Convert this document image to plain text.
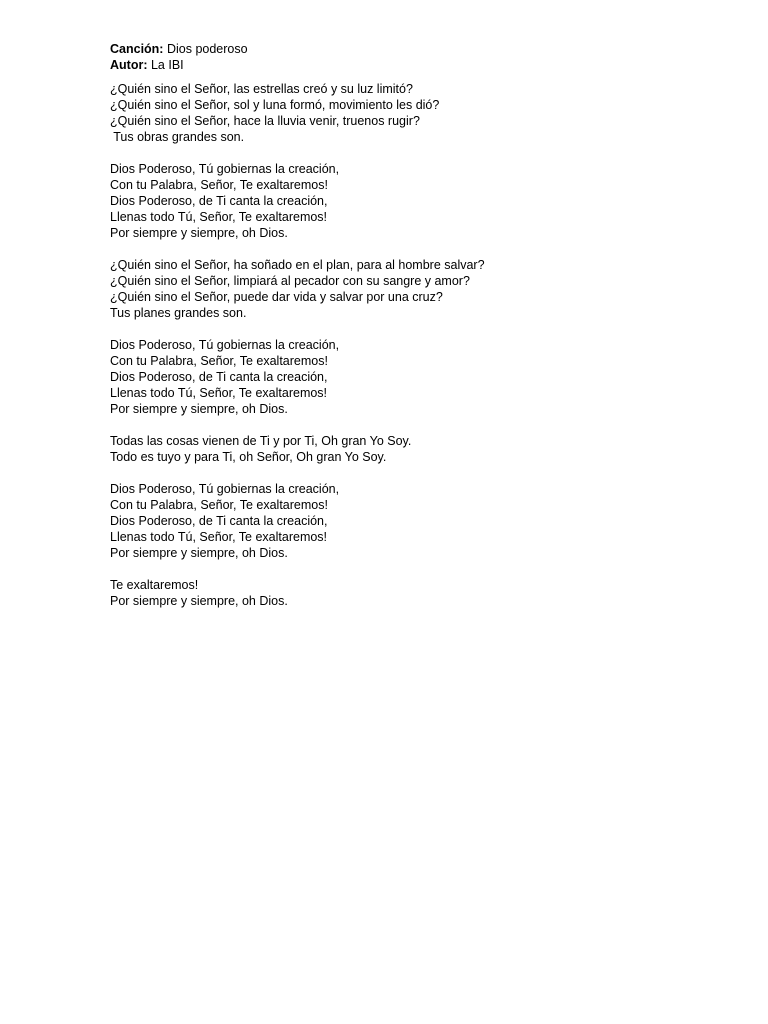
Canción: Dios poderoso
Autor: La IBI
¿Quién sino el Señor, las estrellas creó y su luz limitó?
¿Quién sino el Señor, sol y luna formó, movimiento les dió?
¿Quién sino el Señor, hace la lluvia venir, truenos rugir?
Tus obras grandes son.
Dios Poderoso, Tú gobiernas la creación,
Con tu Palabra, Señor, Te exaltaremos!
Dios Poderoso, de Ti canta la creación,
Llenas todo Tú, Señor, Te exaltaremos!
Por siempre y siempre, oh Dios.
¿Quién sino el Señor, ha soñado en el plan, para al hombre salvar?
¿Quién sino el Señor, limpiará al pecador con su sangre y amor?
¿Quién sino el Señor, puede dar vida y salvar por una cruz?
Tus planes grandes son.
Dios Poderoso, Tú gobiernas la creación,
Con tu Palabra, Señor, Te exaltaremos!
Dios Poderoso, de Ti canta la creación,
Llenas todo Tú, Señor, Te exaltaremos!
Por siempre y siempre, oh Dios.
Todas las cosas vienen de Ti y por Ti, Oh gran Yo Soy.
Todo es tuyo y para Ti, oh Señor, Oh gran Yo Soy.
Dios Poderoso, Tú gobiernas la creación,
Con tu Palabra, Señor, Te exaltaremos!
Dios Poderoso, de Ti canta la creación,
Llenas todo Tú, Señor, Te exaltaremos!
Por siempre y siempre, oh Dios.
Te exaltaremos!
Por siempre y siempre, oh Dios.
